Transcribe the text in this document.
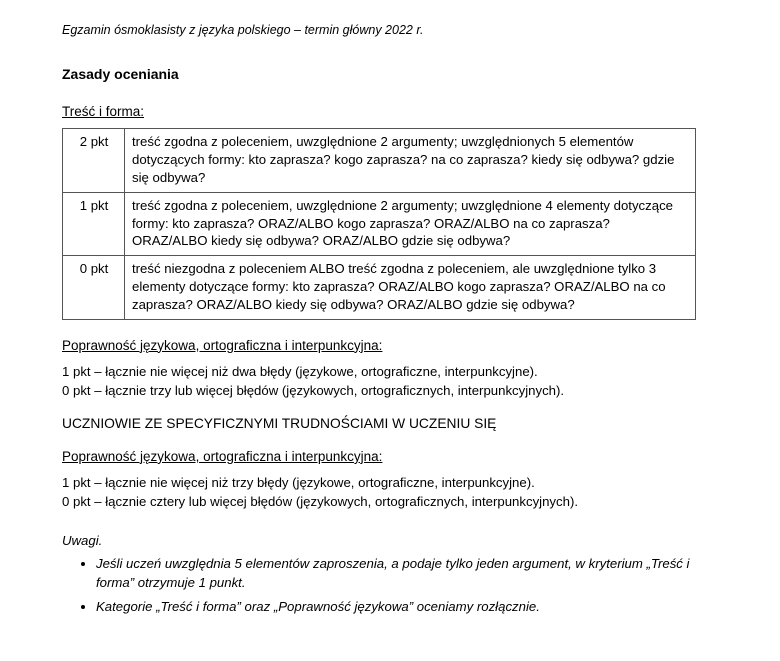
Egzamin ósmoklasisty z języka polskiego – termin główny 2022 r.
Zasady oceniania
Treść i forma:
2 pkt	treść zgodna z poleceniem, uwzględnione 2 argumenty; uwzględnionych 5 elementów dotyczących formy: kto zaprasza? kogo zaprasza? na co zaprasza? kiedy się odbywa? gdzie się odbywa?
1 pkt	treść zgodna z poleceniem, uwzględnione 2 argumenty; uwzględnione 4 elementy dotyczące formy: kto zaprasza? ORAZ/ALBO kogo zaprasza? ORAZ/ALBO na co zaprasza? ORAZ/ALBO kiedy się odbywa? ORAZ/ALBO gdzie się odbywa?
0 pkt	treść niezgodna z poleceniem ALBO treść zgodna z poleceniem, ale uwzględnione tylko 3 elementy dotyczące formy: kto zaprasza? ORAZ/ALBO kogo zaprasza? ORAZ/ALBO na co zaprasza? ORAZ/ALBO kiedy się odbywa? ORAZ/ALBO gdzie się odbywa?
Poprawność językowa, ortograficzna i interpunkcyjna:
1 pkt – łącznie nie więcej niż dwa błędy (językowe, ortograficzne, interpunkcyjne).
0 pkt – łącznie trzy lub więcej błędów (językowych, ortograficznych, interpunkcyjnych).
UCZNIOWIE ZE SPECYFICZNYMI TRUDNOŚCIAMI W UCZENIU SIĘ
Poprawność językowa, ortograficzna i interpunkcyjna:
1 pkt – łącznie nie więcej niż trzy błędy (językowe, ortograficzne, interpunkcyjne).
0 pkt – łącznie cztery lub więcej błędów (językowych, ortograficznych, interpunkcyjnych).
Uwagi.
• Jeśli uczeń uwzględnia 5 elementów zaproszenia, a podaje tylko jeden argument, w kryterium „Treść i forma” otrzymuje 1 punkt.
• Kategorie „Treść i forma” oraz „Poprawność językowa” oceniamy rozłącznie.
